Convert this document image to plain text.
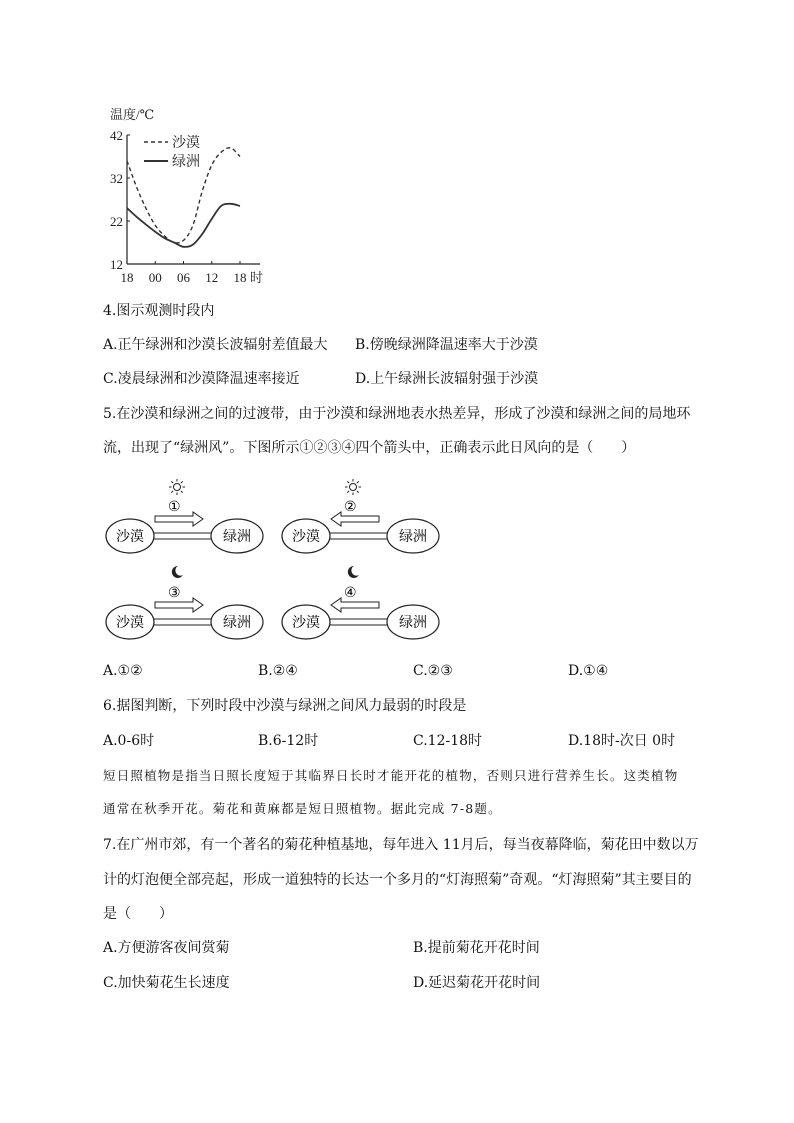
温度/℃
12
22
32
42
18 00 06 12 18 时
沙漠
绿洲
4.图示观测时段内
A.正午绿洲和沙漠长波辐射差值最大 B.傍晚绿洲降温速率大于沙漠
C.凌晨绿洲和沙漠降温速率接近	D.上午绿洲长波辐射强于沙漠
5.在沙漠和绿洲之间的过渡带，由于沙漠和绿洲地表水热差异，形成了沙漠和绿洲之间的局地环
流，出现了“绿洲风”。下图所示①②③④四个箭头中，正确表示此日风向的是（　　）
①
沙漠	绿洲
②
沙漠	绿洲
③
沙漠	绿洲
④
沙漠	绿洲
A.①②	B.②④	C.②③	D.①④
6.据图判断，下列时段中沙漠与绿洲之间风力最弱的时段是
A.0-6时	B.6-12时	C.12-18时	D.18时-次日 0时
短日照植物是指当日照长度短于其临界日长时才能开花的植物，否则只进行营养生长。这类植物
通常在秋季开花。菊花和黄麻都是短日照植物。据此完成 7-8题。
7.在广州市郊，有一个著名的菊花种植基地，每年进入 11月后，每当夜幕降临，菊花田中数以万
计的灯泡便全部亮起，形成一道独特的长达一个多月的“灯海照菊”奇观。“灯海照菊”其主要目的
是（　　）
A.方便游客夜间赏菊	B.提前菊花开花时间
C.加快菊花生长速度	D.延迟菊花开花时间
